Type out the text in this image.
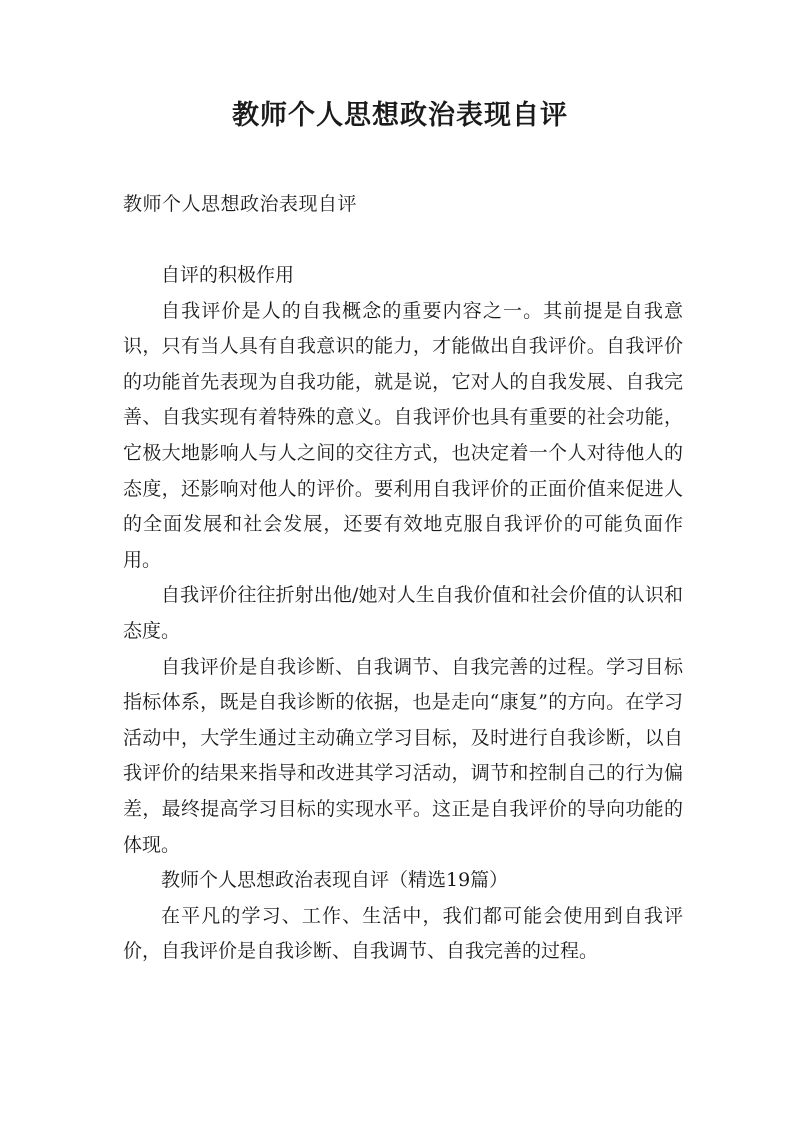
教师个人思想政治表现自评
教师个人思想政治表现自评

自评的积极作用

自我评价是人的自我概念的重要内容之一。其前提是自我意识，只有当人具有自我意识的能力，才能做出自我评价。自我评价的功能首先表现为自我功能，就是说，它对人的自我发展、自我完善、自我实现有着特殊的意义。自我评价也具有重要的社会功能，它极大地影响人与人之间的交往方式，也决定着一个人对待他人的态度，还影响对他人的评价。要利用自我评价的正面价值来促进人的全面发展和社会发展，还要有效地克服自我评价的可能负面作用。

自我评价往往折射出他/她对人生自我价值和社会价值的认识和态度。

自我评价是自我诊断、自我调节、自我完善的过程。学习目标指标体系，既是自我诊断的依据，也是走向“康复”的方向。在学习活动中，大学生通过主动确立学习目标，及时进行自我诊断，以自我评价的结果来指导和改进其学习活动，调节和控制自己的行为偏差，最终提高学习目标的实现水平。这正是自我评价的导向功能的体现。

教师个人思想政治表现自评（精选19篇）

在平凡的学习、工作、生活中，我们都可能会使用到自我评价，自我评价是自我诊断、自我调节、自我完善的过程。
